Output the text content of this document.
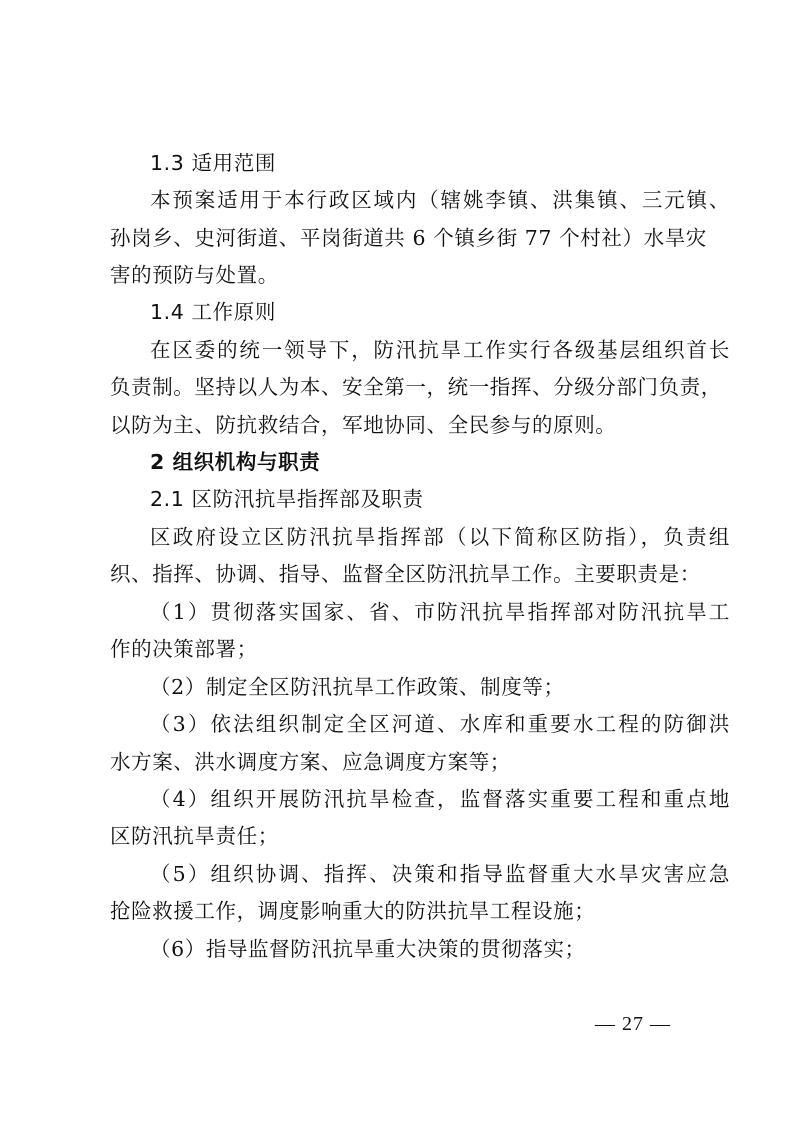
1.3 适用范围

本预案适用于本行政区域内（辖姚李镇、洪集镇、三元镇、

孙岗乡、史河街道、平岗街道共 6 个镇乡街 77 个村社）水旱灾

害的预防与处置。

1.4 工作原则

在区委的统一领导下，防汛抗旱工作实行各级基层组织首长

负责制。坚持以人为本、安全第一，统一指挥、分级分部门负责，

以防为主、防抗救结合，军地协同、全民参与的原则。

2 组织机构与职责

2.1 区防汛抗旱指挥部及职责

区政府设立区防汛抗旱指挥部（以下简称区防指），负责组

织、指挥、协调、指导、监督全区防汛抗旱工作。主要职责是：

（1）贯彻落实国家、省、市防汛抗旱指挥部对防汛抗旱工

作的决策部署；

（2）制定全区防汛抗旱工作政策、制度等；

（3）依法组织制定全区河道、水库和重要水工程的防御洪

水方案、洪水调度方案、应急调度方案等；

（4）组织开展防汛抗旱检查，监督落实重要工程和重点地

区防汛抗旱责任；

（5）组织协调、指挥、决策和指导监督重大水旱灾害应急

抢险救援工作，调度影响重大的防洪抗旱工程设施；

（6）指导监督防汛抗旱重大决策的贯彻落实；

— 27 —
